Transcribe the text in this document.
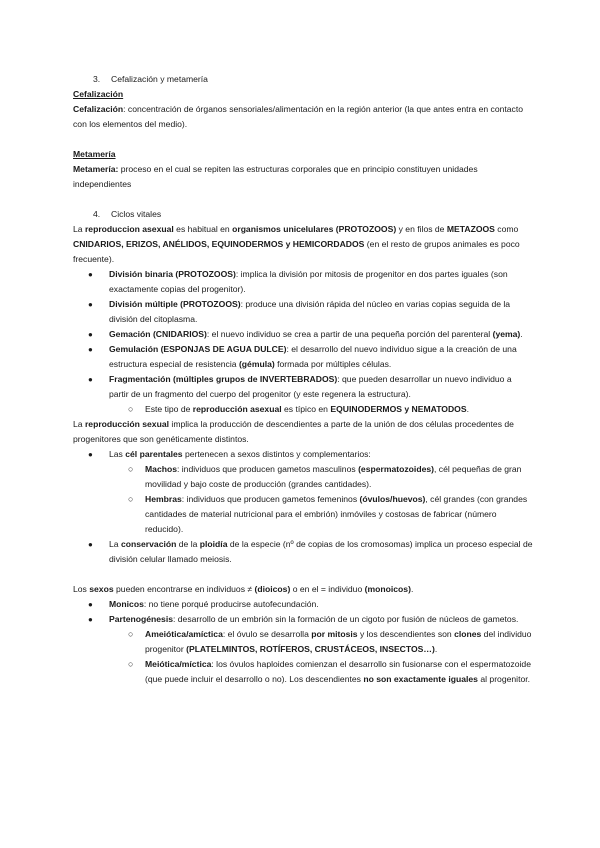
3. Cefalización y metamería

Cefalización

Cefalización: concentración de órganos sensoriales/alimentación en la región anterior (la que antes entra en contacto con los elementos del medio).

Metamería

Metamería: proceso en el cual se repiten las estructuras corporales que en principio constituyen unidades independientes

4. Ciclos vitales

La reproduccion asexual es habitual en organismos unicelulares (PROTOZOOS) y en filos de METAZOOS como CNIDARIOS, ERIZOS, ANÉLIDOS, EQUINODERMOS y HEMICORDADOS (en el resto de grupos animales es poco frecuente).

● División binaria (PROTOZOOS): implica la división por mitosis de progenitor en dos partes iguales (son exactamente copias del progenitor).
● División múltiple (PROTOZOOS): produce una división rápida del núcleo en varias copias seguida de la división del citoplasma.
● Gemación (CNIDARIOS): el nuevo individuo se crea a partir de una pequeña porción del parenteral (yema).
● Gemulación (ESPONJAS DE AGUA DULCE): el desarrollo del nuevo individuo sigue a la creación de una estructura especial de resistencia (gémula) formada por múltiples células.
● Fragmentación (múltiples grupos de INVERTEBRADOS): que pueden desarrollar un nuevo individuo a partir de un fragmento del cuerpo del progenitor (y este regenera la estructura).
○ Este tipo de reproducción asexual es típico en EQUINODERMOS y NEMATODOS.

La reproducción sexual implica la producción de descendientes a parte de la unión de dos células procedentes de progenitores que son genéticamente distintos.

● Las cél parentales pertenecen a sexos distintos y complementarios:
○ Machos: individuos que producen gametos masculinos (espermatozoides), cél pequeñas de gran movilidad y bajo coste de producción (grandes cantidades).
○ Hembras: individuos que producen gametos femeninos (óvulos/huevos), cél grandes (con grandes cantidades de material nutricional para el embrión) inmóviles y costosas de fabricar (número reducido).
● La conservación de la ploidía de la especie (nº de copias de los cromosomas) implica un proceso especial de división celular llamado meiosis.

Los sexos pueden encontrarse en individuos ≠ (dioicos) o en el = individuo (monoicos).

● Monicos: no tiene porqué producirse autofecundación.
● Partenogénesis: desarrollo de un embrión sin la formación de un cigoto por fusión de núcleos de gametos.
○ Ameiótica/amíctica: el óvulo se desarrolla por mitosis y los descendientes son clones del individuo progenitor (PLATELMINTOS, ROTÍFEROS, CRUSTÁCEOS, INSECTOS…).
○ Meiótica/míctica: los óvulos haploides comienzan el desarrollo sin fusionarse con el espermatozoide (que puede incluir el desarrollo o no). Los descendientes no son exactamente iguales al progenitor.
